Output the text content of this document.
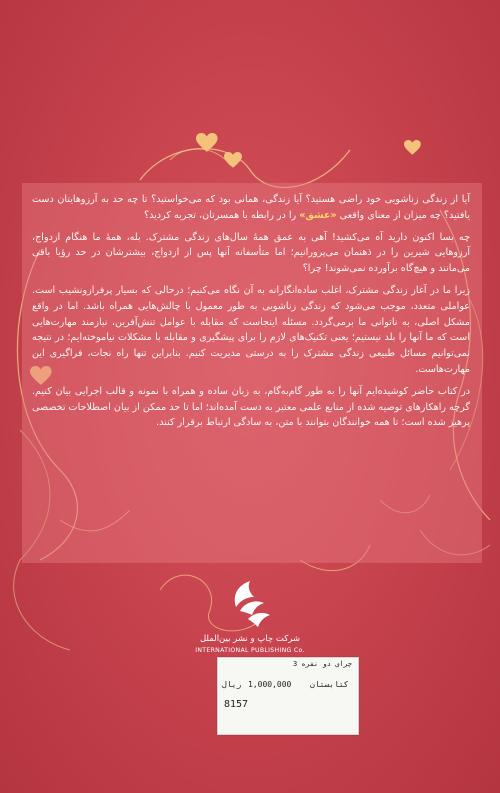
آیا از زندگی زناشویی خود راضی هستید؟ آیا زندگی، همانی بود که می‌خواستید؟ تا چه حد به آرزوهایتان دست یافتید؟ چه میزان از معنای واقعی «عشق» را در رابطه با همسرتان، تجربه کردید؟

چه بسا اکنون دارید آه می‌کشید! آهی به عمق همهٔ سال‌های زندگی مشترک. بله، همهٔ ما هنگام ازدواج، آرزوهایی شیرین را در ذهنمان می‌پرورانیم؛ اما متأسفانه آنها پس از ازدواج، بیشترشان در حد رؤیا باقی می‌مانند و هیچ‌گاه برآورده نمی‌شوند! چرا؟

زیرا ما در آغاز زندگی مشترک، اغلب ساده‌انگارانه به آن نگاه می‌کنیم؛ درحالی که بسیار پرفرازونشیب است. عواملی متعدد، موجب می‌شود که زندگی زناشویی به طور معمول با چالش‌هایی همراه باشد. اما در واقع مشکل اصلی، به ناتوانی ما برمی‌گردد. مسئله اینجاست که مقابله با عوامل تنش‌آفرین، نیازمند مهارت‌هایی است که ما آنها را بلد نیستیم؛ یعنی تکنیک‌های لازم را برای پیشگیری و مقابله با مشکلات نیاموخته‌ایم؛ در نتیجه نمی‌توانیم مسائل طبیعی زندگی مشترک را به درستی مدیریت کنیم. بنابراین تنها راه نجات، فراگیری این مهارت‌هاست.

در کتاب حاضر کوشیده‌ایم آنها را به طور گام‌به‌گام، به زبان ساده و همراه با نمونه و قالب اجرایی بیان کنیم. گرچه راهکارهای توصیه شده از منابع علمی معتبر به دست آمده‌اند؛ اما تا حد ممکن از بیان اصطلاحات تخصصی پرهیز شده است؛ تا همه خوانندگان بتوانند با متن، به سادگی ارتباط برقرار کنند.

شرکت چاپ و نشر بین‌الملل
INTERNATIONAL PUBLISHING Co.
چرای دو نفره 3
ریال 1,000,000 کتابستان
8157
